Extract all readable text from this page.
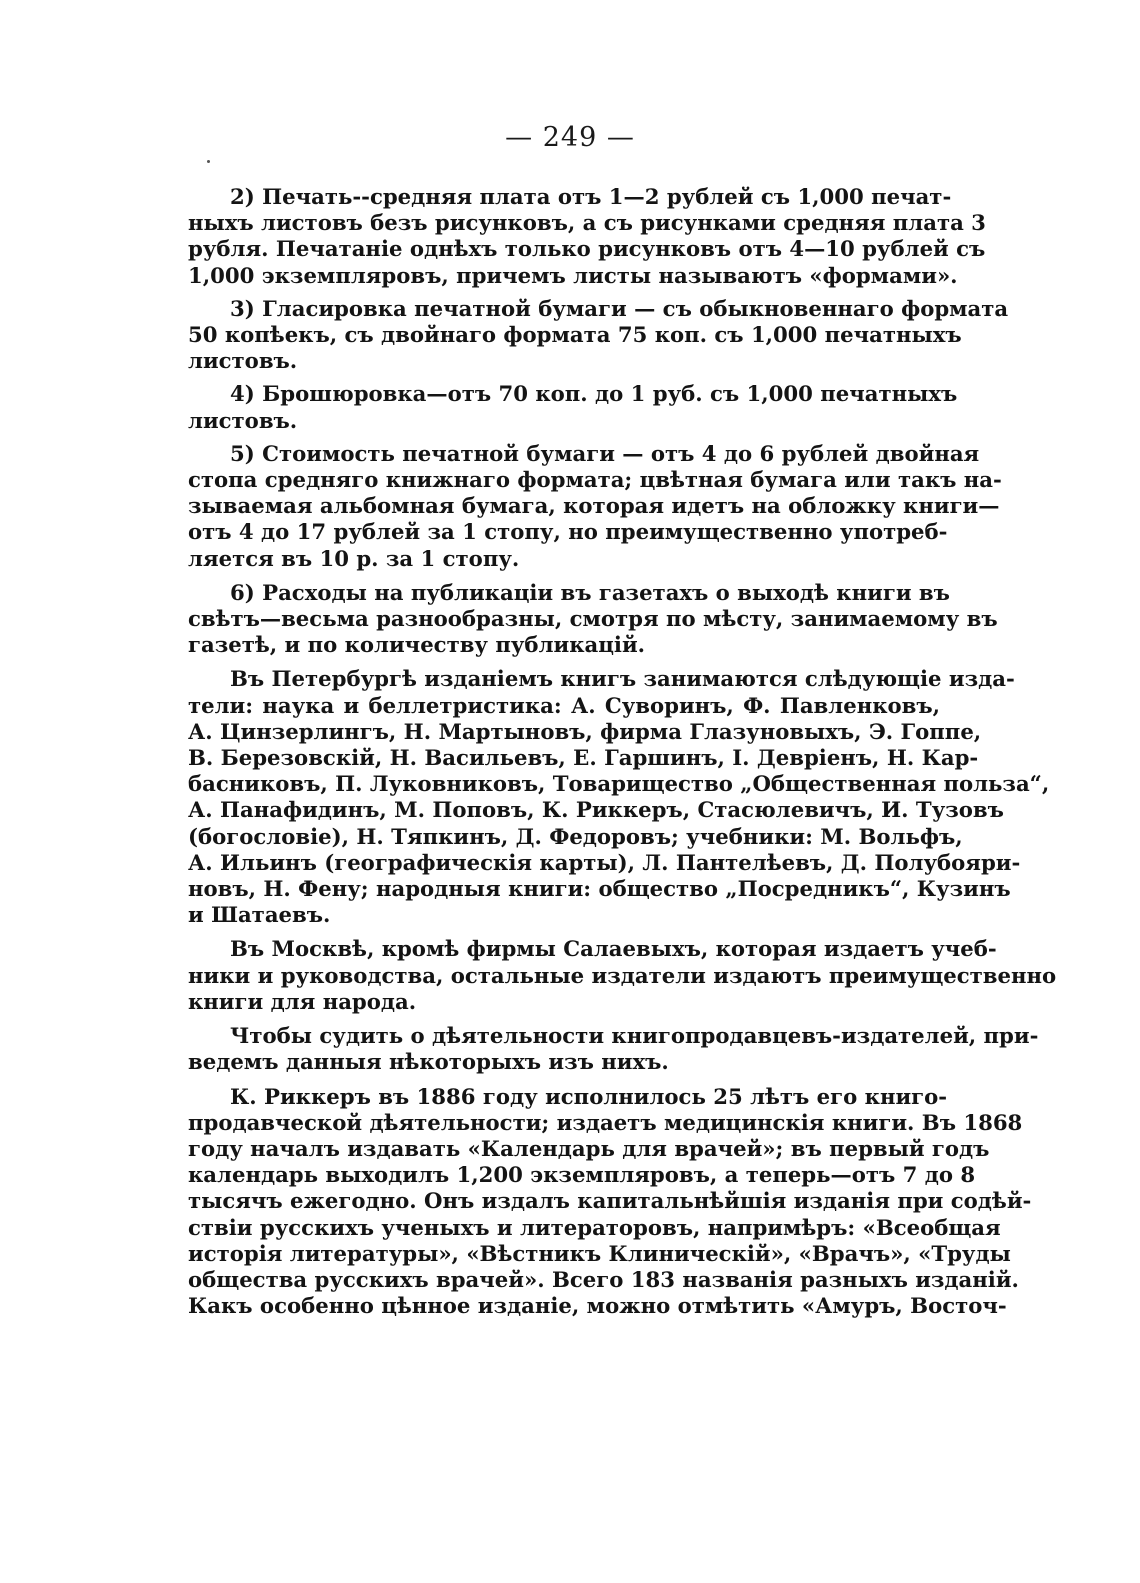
— 249 —
2) Печать--средняя плата отъ 1—2 рублей съ 1,000 печат-
ныхъ листовъ безъ рисунковъ, а съ рисунками средняя плата 3
рубля. Печатаніе однѣхъ только рисунковъ отъ 4—10 рублей съ
1,000 экземпляровъ, причемъ листы называютъ «формами».
3) Гласировка печатной бумаги — съ обыкновеннаго формата
50 копѣекъ, съ двойнаго формата 75 коп. съ 1,000 печатныхъ
листовъ.
4) Брошюровка—отъ 70 коп. до 1 руб. съ 1,000 печатныхъ
листовъ.
5) Стоимость печатной бумаги — отъ 4 до 6 рублей двойная
стопа средняго книжнаго формата; цвѣтная бумага или такъ на-
зываемая альбомная бумага, которая идетъ на обложку книги—
отъ 4 до 17 рублей за 1 стопу, но преимущественно употреб-
ляется въ 10 р. за 1 стопу.
6) Расходы на публикаціи въ газетахъ о выходѣ книги въ
свѣтъ—весьма разнообразны, смотря по мѣсту, занимаемому въ
газетѣ, и по количеству публикацій.
Въ Петербургѣ изданіемъ книгъ занимаются слѣдующіе изда-
тели: наука и беллетристика: А. Суворинъ, Ф. Павленковъ,
А. Цинзерлингъ, Н. Мартыновъ, фирма Глазуновыхъ, Э. Гоппе,
В. Березовскій, Н. Васильевъ, Е. Гаршинъ, І. Девріенъ, Н. Кар-
басниковъ, П. Луковниковъ, Товарищество „Общественная польза“,
А. Панафидинъ, М. Поповъ, К. Риккеръ, Стасюлевичъ, И. Тузовъ
(богословіе), Н. Тяпкинъ, Д. Федоровъ; учебники: М. Вольфъ,
А. Ильинъ (географическія карты), Л. Пантелѣевъ, Д. Полубояри-
новъ, Н. Фену; народныя книги: общество „Посредникъ“, Кузинъ
и Шатаевъ.
Въ Москвѣ, кромѣ фирмы Салаевыхъ, которая издаетъ учеб-
ники и руководства, остальные издатели издаютъ преимущественно
книги для народа.
Чтобы судить о дѣятельности книгопродавцевъ-издателей, при-
ведемъ данныя нѣкоторыхъ изъ нихъ.
К. Риккеръ въ 1886 году исполнилось 25 лѣтъ его книго-
продавческой дѣятельности; издаетъ медицинскія книги. Въ 1868
году началъ издавать «Календарь для врачей»; въ первый годъ
календарь выходилъ 1,200 экземпляровъ, а теперь—отъ 7 до 8
тысячъ ежегодно. Онъ издалъ капитальнѣйшія изданія при содѣй-
ствіи русскихъ ученыхъ и литераторовъ, напримѣръ: «Всеобщая
исторія литературы», «Вѣстникъ Клиническій», «Врачъ», «Труды
общества русскихъ врачей». Всего 183 названія разныхъ изданій.
Какъ особенно цѣнное изданіе, можно отмѣтить «Амуръ, Восточ-
